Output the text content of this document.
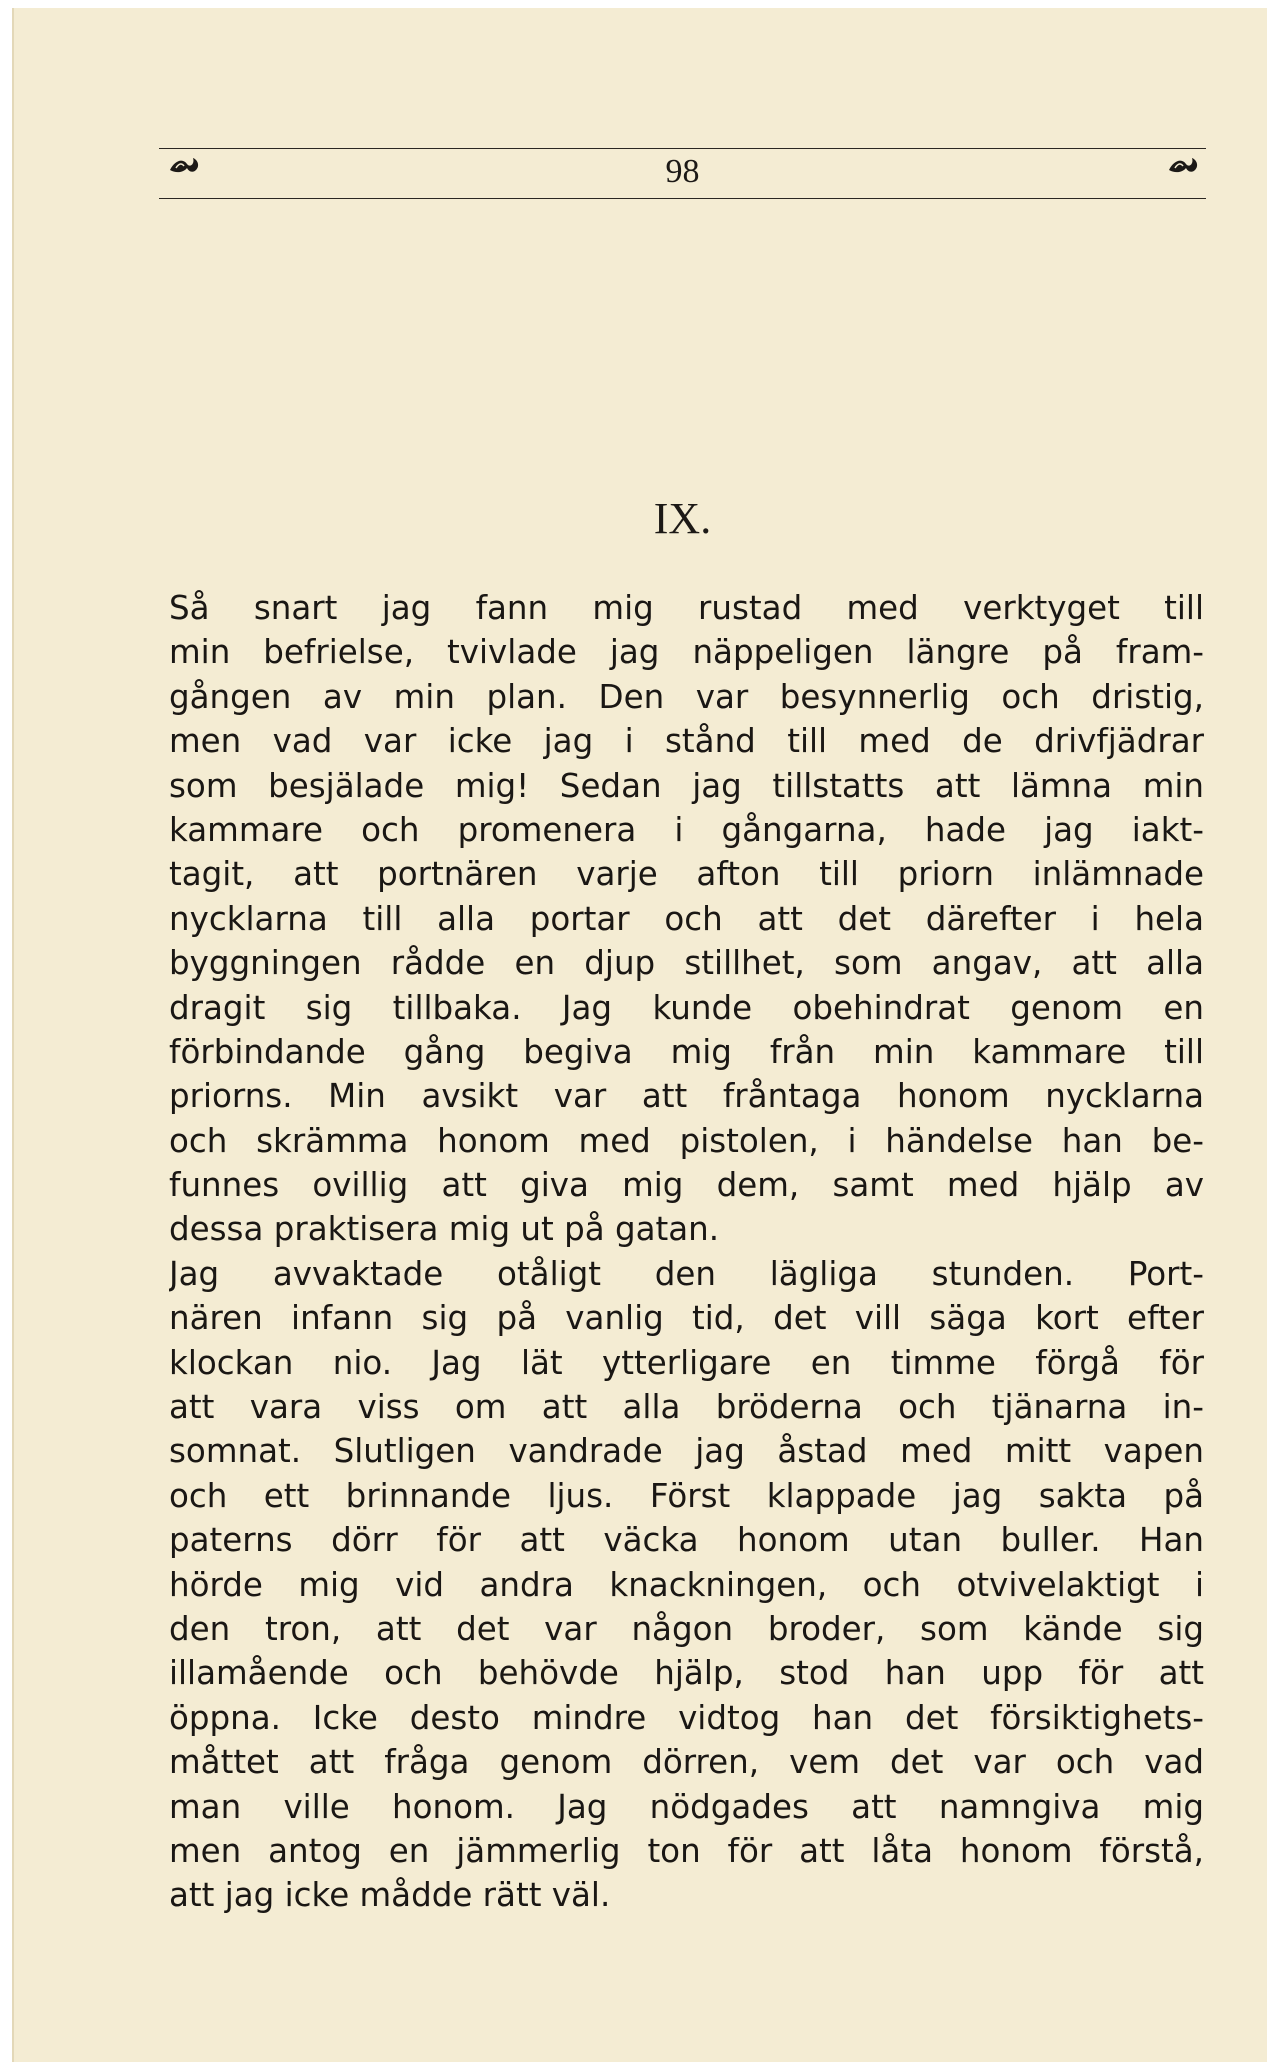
98
IX.
Så snart jag fann mig rustad med verktyget till
min befrielse, tvivlade jag näppeligen längre på fram-
gången av min plan. Den var besynnerlig och dristig,
men vad var icke jag i stånd till med de drivfjädrar
som besjälade mig! Sedan jag tillstatts att lämna min
kammare och promenera i gångarna, hade jag iakt-
tagit, att portnären varje afton till priorn inlämnade
nycklarna till alla portar och att det därefter i hela
byggningen rådde en djup stillhet, som angav, att alla
dragit sig tillbaka. Jag kunde obehindrat genom en
förbindande gång begiva mig från min kammare till
priorns. Min avsikt var att fråntaga honom nycklarna
och skrämma honom med pistolen, i händelse han be-
funnes ovillig att giva mig dem, samt med hjälp av
dessa praktisera mig ut på gatan.
Jag avvaktade otåligt den lägliga stunden. Port-
nären infann sig på vanlig tid, det vill säga kort efter
klockan nio. Jag lät ytterligare en timme förgå för
att vara viss om att alla bröderna och tjänarna in-
somnat. Slutligen vandrade jag åstad med mitt vapen
och ett brinnande ljus. Först klappade jag sakta på
paterns dörr för att väcka honom utan buller. Han
hörde mig vid andra knackningen, och otvivelaktigt i
den tron, att det var någon broder, som kände sig
illamående och behövde hjälp, stod han upp för att
öppna. Icke desto mindre vidtog han det försiktighets-
måttet att fråga genom dörren, vem det var och vad
man ville honom. Jag nödgades att namngiva mig
men antog en jämmerlig ton för att låta honom förstå,
att jag icke mådde rätt väl.
